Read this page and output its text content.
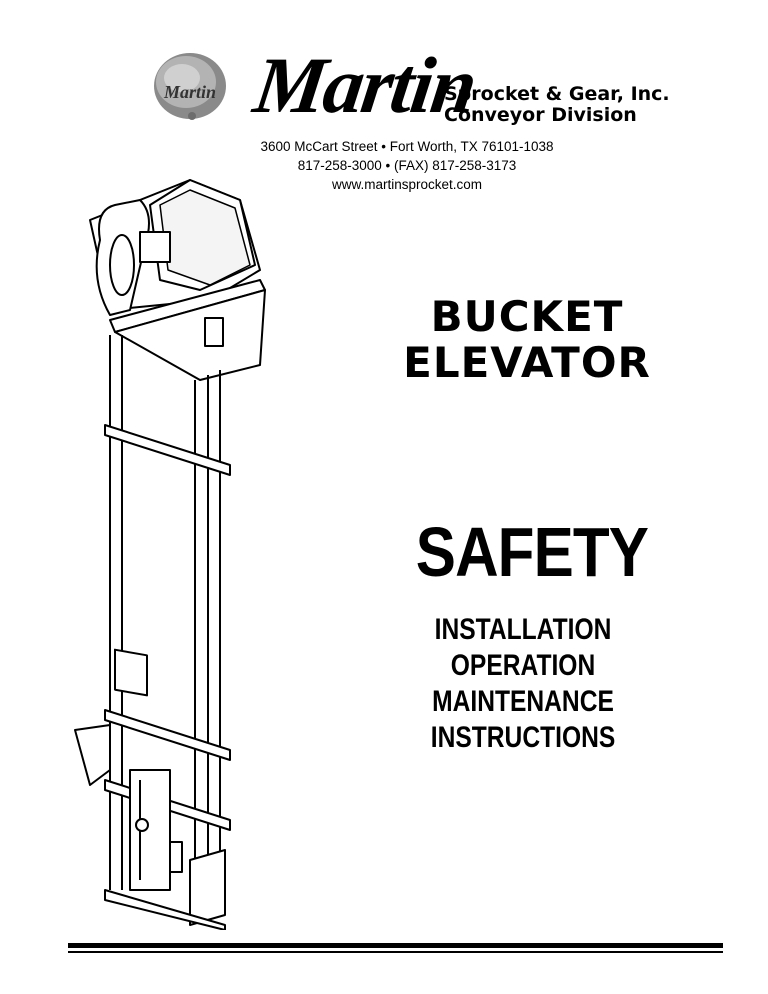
Martin Martin
Sprocket & Gear, Inc.
Conveyor Division
3600 McCart Street • Fort Worth, TX 76101-1038
817-258-3000 • (FAX) 817-258-3173
www.martinsprocket.com
BUCKET
ELEVATOR
SAFETY
INSTALLATION
OPERATION
MAINTENANCE
INSTRUCTIONS
